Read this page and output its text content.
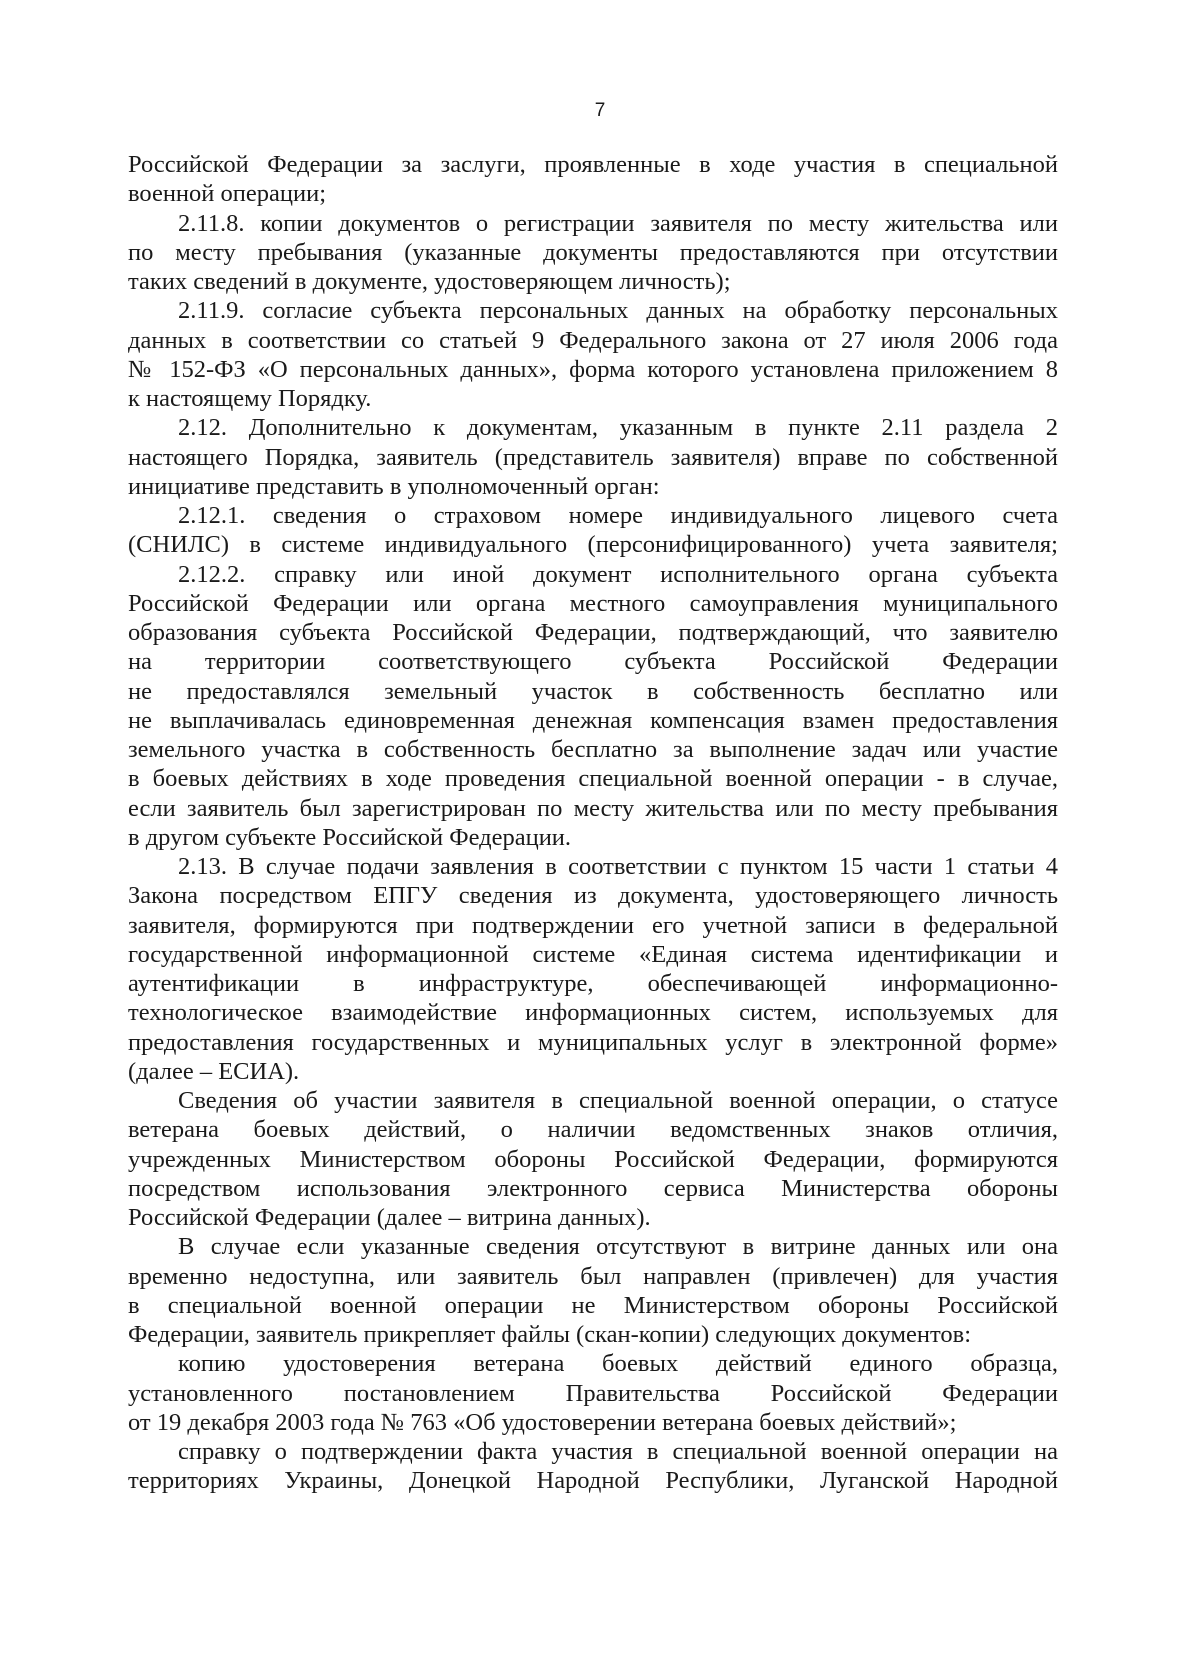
7

Российской Федерации за заслуги, проявленные в ходе участия в специальной

военной операции;

2.11.8. копии документов о регистрации заявителя по месту жительства или

по месту пребывания (указанные документы предоставляются при отсутствии

таких сведений в документе, удостоверяющем личность);

2.11.9. согласие субъекта персональных данных на обработку персональных

данных в соответствии со статьей 9 Федерального закона от 27 июля 2006 года

№ 152-ФЗ «О персональных данных», форма которого установлена приложением 8

к настоящему Порядку.

2.12. Дополнительно к документам, указанным в пункте 2.11 раздела 2

настоящего Порядка, заявитель (представитель заявителя) вправе по собственной

инициативе представить в уполномоченный орган:

2.12.1. сведения о страховом номере индивидуального лицевого счета

(СНИЛС) в системе индивидуального (персонифицированного) учета заявителя;

2.12.2. справку или иной документ исполнительного органа субъекта

Российской Федерации или органа местного самоуправления муниципального

образования субъекта Российской Федерации, подтверждающий, что заявителю

на территории соответствующего субъекта Российской Федерации

не предоставлялся земельный участок в собственность бесплатно или

не выплачивалась единовременная денежная компенсация взамен предоставления

земельного участка в собственность бесплатно за выполнение задач или участие

в боевых действиях в ходе проведения специальной военной операции - в случае,

если заявитель был зарегистрирован по месту жительства или по месту пребывания

в другом субъекте Российской Федерации.

2.13. В случае подачи заявления в соответствии с пунктом 15 части 1 статьи 4

Закона посредством ЕПГУ сведения из документа, удостоверяющего личность

заявителя, формируются при подтверждении его учетной записи в федеральной

государственной информационной системе «Единая система идентификации и

аутентификации в инфраструктуре, обеспечивающей информационно-

технологическое взаимодействие информационных систем, используемых для

предоставления государственных и муниципальных услуг в электронной форме»

(далее – ЕСИА).

Сведения об участии заявителя в специальной военной операции, о статусе

ветерана боевых действий, о наличии ведомственных знаков отличия,

учрежденных Министерством обороны Российской Федерации, формируются

посредством использования электронного сервиса Министерства обороны

Российской Федерации (далее – витрина данных).

В случае если указанные сведения отсутствуют в витрине данных или она

временно недоступна, или заявитель был направлен (привлечен) для участия

в специальной военной операции не Министерством обороны Российской

Федерации, заявитель прикрепляет файлы (скан-копии) следующих документов:

копию удостоверения ветерана боевых действий единого образца,

установленного постановлением Правительства Российской Федерации

от 19 декабря 2003 года № 763 «Об удостоверении ветерана боевых действий»;

справку о подтверждении факта участия в специальной военной операции на

территориях Украины, Донецкой Народной Республики, Луганской Народной
